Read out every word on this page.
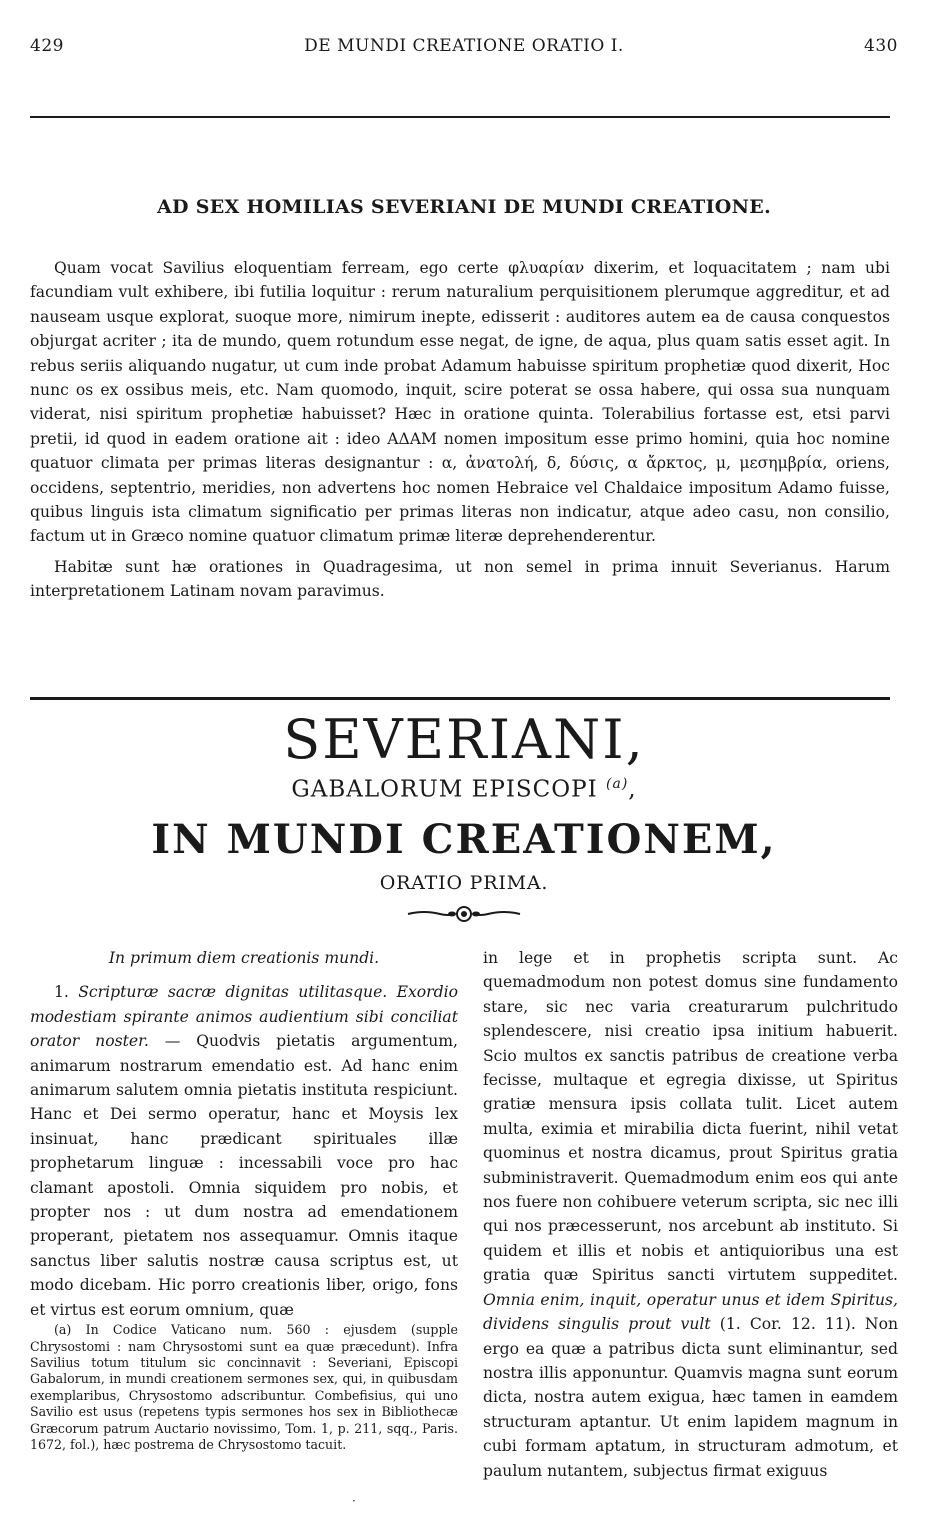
429	DE MUNDI CREATIONE ORATIO I.	430
AD SEX HOMILIAS SEVERIANI DE MUNDI CREATIONE.

Quam vocat Savilius eloquentiam ferream, ego certe φλυαρίαν dixerim, et loquacitatem ; nam ubi facundiam vult exhibere, ibi futilia loquitur : rerum naturalium perquisitionem plerumque aggreditur, et ad nauseam usque explorat, suoque more, nimirum inepte, edisserit : auditores autem ea de causa conquestos objurgat acriter ; ita de mundo, quem rotundum esse negat, de igne, de aqua, plus quam satis esset agit. In rebus seriis aliquando nugatur, ut cum inde probat Adamum habuisse spiritum prophetiæ quod dixerit, Hoc nunc os ex ossibus meis, etc. Nam quomodo, inquit, scire poterat se ossa habere, qui ossa sua nunquam viderat, nisi spiritum prophetiæ habuisset? Hæc in oratione quinta. Tolerabilius fortasse est, etsi parvi pretii, id quod in eadem oratione ait : ideo ΑΔΑΜ nomen impositum esse primo homini, quia hoc nomine quatuor climata per primas literas designantur : α, ἀνατολή, δ, δύσις, α ἄρκτος, μ, μεσημβρία, oriens, occidens, septentrio, meridies, non advertens hoc nomen Hebraice vel Chaldaice impositum Adamo fuisse, quibus linguis ista climatum significatio per primas literas non indicatur, atque adeo casu, non consilio, factum ut in Græco nomine quatuor climatum primæ literæ deprehenderentur.

Habitæ sunt hæ orationes in Quadragesima, ut non semel in prima innuit Severianus. Harum interpretationem Latinam novam paravimus.

SEVERIANI,
GABALORUM EPISCOPI $^{(a)}$,
IN MUNDI CREATIONEM,
ORATIO PRIMA.

In primum diem creationis mundi.

1. Scripturæ sacræ dignitas utilitasque. Exordio modestiam spirante animos audientium sibi conciliat orator noster. — Quodvis pietatis argumentum, animarum nostrarum emendatio est. Ad hanc enim animarum salutem omnia pietatis instituta respiciunt. Hanc et Dei sermo operatur, hanc et Moysis lex insinuat, hanc prædicant spirituales illæ prophetarum linguæ : incessabili voce pro hac clamant apostoli. Omnia siquidem pro nobis, et propter nos : ut dum nostra ad emendationem properant, pietatem nos assequamur. Omnis itaque sanctus liber salutis nostræ causa scriptus est, ut modo dicebam. Hic porro creationis liber, origo, fons et virtus est eorum omnium, quæ

(a) In Codice Vaticano num. 560 : ejusdem (supple Chrysostomi : nam Chrysostomi sunt ea quæ præcedunt). Infra Savilius totum titulum sic concinnavit : Severiani, Episcopi Gabalorum, in mundi creationem sermones sex, qui, in quibusdam exemplaribus, Chrysostomo adscribuntur. Combefisius, qui uno Savilio est usus (repetens typis sermones hos sex in Bibliothecæ Græcorum patrum Auctario novissimo, Tom. 1, p. 211, sqq., Paris. 1672, fol.), hæc postrema de Chrysostomo tacuit.

in lege et in prophetis scripta sunt. Ac quemadmodum non potest domus sine fundamento stare, sic nec varia creaturarum pulchritudo splendescere, nisi creatio ipsa initium habuerit. Scio multos ex sanctis patribus de creatione verba fecisse, multaque et egregia dixisse, ut Spiritus gratiæ mensura ipsis collata tulit. Licet autem multa, eximia et mirabilia dicta fuerint, nihil vetat quominus et nostra dicamus, prout Spiritus gratia subministraverit. Quemadmodum enim eos qui ante nos fuere non cohibuere veterum scripta, sic nec illi qui nos præcesserunt, nos arcebunt ab instituto. Si quidem et illis et nobis et antiquioribus una est gratia quæ Spiritus sancti virtutem suppeditet. Omnia enim, inquit, operatur unus et idem Spiritus, dividens singulis prout vult (1. Cor. 12. 11). Non ergo ea quæ a patribus dicta sunt eliminantur, sed nostra illis apponuntur. Quamvis magna sunt eorum dicta, nostra autem exigua, hæc tamen in eamdem structuram aptantur. Ut enim lapidem magnum in cubi formam aptatum, in structuram admotum, et paulum nutantem, subjectus firmat exiguus

·
